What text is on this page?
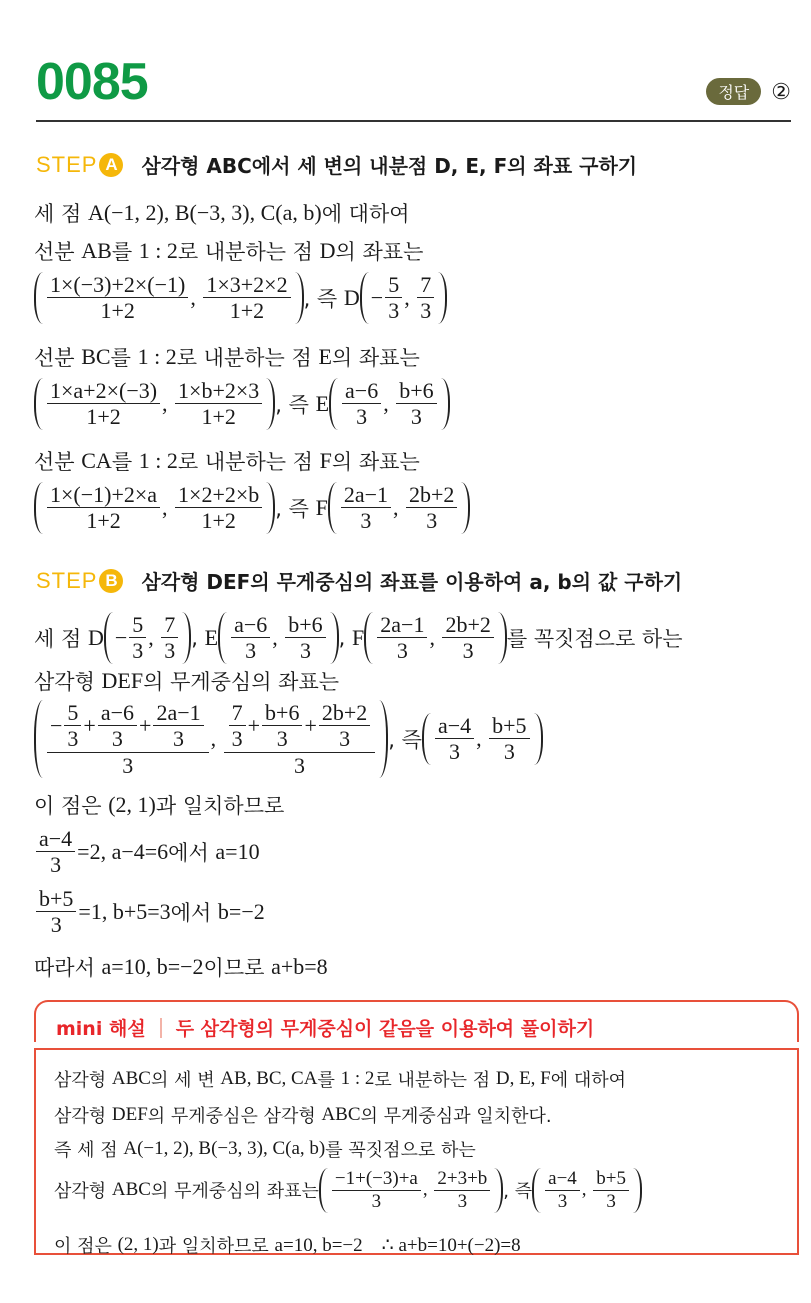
0085	정답	②
STEP A 삼각형 ABC에서 세 변의 내분점 D, E, F의 좌표 구하기
세 점 A(−1, 2), B(−3, 3), C(a, b) 에 대하여
선분 AB 를 1 : 2 로 내분하는 점 D 의 좌표는
$\frac{1\times(-3)+2\times(-1)}{1+2}$ , $\frac{1\times 3+2\times 2}{1+2}$ , 즉 $D - \frac{5}{3}$ , $\frac{7}{3}$
선분 BC 를 1 : 2 로 내분하는 점 E 의 좌표는
$\frac{1\times a+2\times(-3)}{1+2}$ , $\frac{1\times b+2\times 3}{1+2}$ , 즉 E $\frac{a-6}{3}$ , $\frac{b+6}{3}$
선분 CA 를 1 : 2 로 내분하는 점 F 의 좌표는
$\frac{1\times(-1)+2\times a}{1+2}$ , $\frac{1\times 2+2\times b}{1+2}$ , 즉 F $\frac{2a-1}{3}$ , $\frac{2b+2}{3}$
STEP B 삼각형 DEF의 무게중심의 좌표를 이용하여 a, b의 값 구하기
세 점 $D - \frac{5}{3}$ , $\frac{7}{3}$ , E $\frac{a-6}{3}$ , $\frac{b+6}{3}$ , F $\frac{2a-1}{3}$ , $\frac{2b+2}{3}$ 를 꼭짓점으로 하는
삼각형 DEF 의 무게중심의 좌표는
$\frac{- \frac{5}{3} + \frac{a-6}{3} + \frac{2a-1}{3}}{3}$ , $\frac{\frac{7}{3} + \frac{b+6}{3} + \frac{2b+2}{3}}{3}$ , 즉 $\frac{a-4}{3}$ , $\frac{b+5}{3}$
이 점은 (2, 1) 과 일치하므로
$\frac{a-4}{3} =2$, a−4=6 에서 a=10
$\frac{b+5}{3} =1$, b+5=3 에서 b=−2
따라서 a=10, b=−2 이므로 a+b=8
mini 해설 두 삼각형의 무게중심이 같음을 이용하여 풀이하기
삼각형 ABC 의 세 변 AB, BC, CA 를 1 : 2 로 내분하는 점 D, E, F 에 대하여
삼각형 DEF 의 무게중심은 삼각형 ABC 의 무게중심과 일치한다.
즉 세 점 A(−1, 2), B(−3, 3), C(a, b) 를 꼭짓점으로 하는
삼각형 ABC 의 무게중심의 좌표는 $\frac{-1+(-3)+a}{3}$ , $\frac{2+3+b}{3}$ , 즉 $\frac{a-4}{3}$ , $\frac{b+5}{3}$
이 점은 (2, 1) 과 일치하므로 a=10, b=−2    ∴ a+b=10+(−2)=8
